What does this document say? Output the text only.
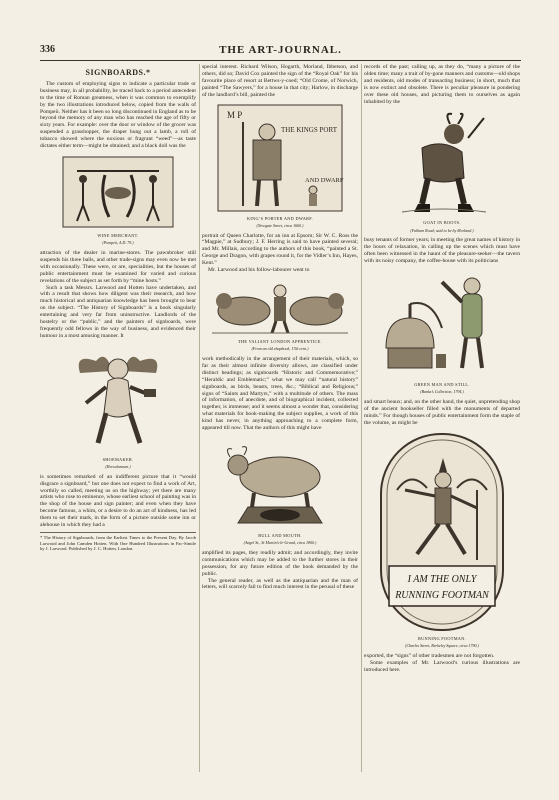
336	THE ART-JOURNAL.
SIGNBOARDS.*

The custom of employing signs to indicate a particular trade or business may, in all probability, be traced back to a period antecedent to the time of Roman greatness, when it was common to exemplify by the two illustrations introduced below, copied from the walls of Pompeii. Neither has it been so long discontinued in England as to be beyond the memory of any man who has reached the age of fifty or sixty years. For example: over the door or window of the grocer was suspended a grasshopper, the draper hung out a lamb, a roll of tobacco showed where the noxious or fragrant “weed”—as taste dictates either term—might be obtained; and a black doll was the

WINE MERCHANT.
(Pompeii, A.D. 79.)

attraction of the dealer in marine-stores. The pawnbroker still suspends his three balls, and other trade-signs may even now be met with occasionally. These were, or are, specialities, but the houses of public entertainment must be examined for varied and curious revelations of the subject as set forth by “mine hosts.”

Such a task Messrs. Larwood and Hotten have undertaken, and with a result that shows how diligent was their research, and how much historical and antiquarian knowledge has been brought to bear on the subject. “The History of Signboards” is a book singularly entertaining and very far from uninstructive. Landlords of the hostelry or the “public,” and the painters of signboards, were frequently odd fellows in the way of business, and evidenced their humour in a most amusing manner. It

SHOEMAKER.
(Herculaneum.)

is sometimes remarked of an indifferent picture that it “would disgrace a signboard,” but one does not expect to find a work of Art, worthily so called, meeting us on the highway; yet there are many artists who rose to eminence, whose earliest school of painting was in the shop of the house and sign painter; and even when they have become famous, a whim, or a desire to do an act of kindness, has led them to set their mark, in the form of a picture outside some inn or alehouse in which they had a

* The History of Signboards, from the Earliest Times to the Present Day. By Jacob Larwood and John Camden Hotten. With One Hundred Illustrations in Fac-Simile by J. Larwood. Published by J. C. Hotten, London.

special interest. Richard Wilson, Hogarth, Morland, Ibbetson, and others, did so; David Cox painted the sign of the “Royal Oak” for his favourite place of resort at Bettws-y-coed; “Old Crome, of Norwich, painted “The Sawyers,” for a house in that city; Harlow, in discharge of the landlord’s bill, painted the

M P
THE KINGS PORT
AND DWARF
KING’S PORTER AND DWARF.
(Newgate Street, circa 1660.)

portrait of Queen Charlotte, for an inn at Epsom; Sir W. C. Ross the “Magpie,” at Sudbury; J. F. Herring is said to have painted several; and Mr. Millais, according to the authors of this book, “painted a St. George and Dragon, with grapes round it, for the Vidler’s Inn, Hayes, Kent.”

Mr. Larwood and his follow-labourer went to

THE VALIANT LONDON APPRENTICE.
(From an old chapbook, 17th cent.)

work methodically in the arrangement of their materials, which, so far as their almost infinite diversity allows, are classified under distinct headings; as signboards “Historic and Commemorative;” “Heraldic and Emblematic;” what we may call “natural history” signboards, as birds, beasts, trees, &c.; “Biblical and Religious;” signs of “Saints and Martyrs,” with a multitude of others. The mass of information, of anecdote, and of biographical incident, collected together, is immense; and it seems almost a wonder that, considering what materials for book-making the subject supplies, a work of this kind has never, in anything approaching to a complete form, appeared till now. That the authors of this might have

BULL AND MOUTH.
(Angel St., St Martin’s-le-Grand, circa 1800.)

amplified its pages, they readily admit; and accordingly, they invite communications which may be added to the further stores in their possession, for any future edition of the book demanded by the public.

The general reader, as well as the antiquarian and the man of letters, will scarcely fail to find much interest in the perusal of these

records of the past; calling up, as they do, “many a picture of the olden time; many a trait of by-gone manners and customs—old shops and residents, old modes of transacting business; in short, much that is now extinct and obsolete. There is peculiar pleasure in pondering over these old houses, and picturing them to ourselves as again inhabited by the

GOAT IN BOOTS.
(Fulham Road; said to be by Morland.)

busy tenants of former years; in meeting the great names of history in the hours of relaxation, in calling up the scenes which must have often been witnessed in the haunt of the pleasure-seeker—the tavern with its noisy company, the coffee-house with its politicians

GREEN MAN AND STILL.
(Banks’s Collection, 1794.)

and smart beaux; and, on the other hand, the quiet, unpretending shop of the ancient bookseller filled with the monuments of departed minds.” For though houses of public entertainment form the staple of the volume, as might be

I AM THE ONLY
RUNNING FOOTMAN
RUNNING FOOTMAN.
(Charles Street, Berkeley Square, circa 1790.)

exported, the “signs” of other tradesmen are not forgotten.

Some examples of Mr. Larwood’s curious illustrations are introduced here.
